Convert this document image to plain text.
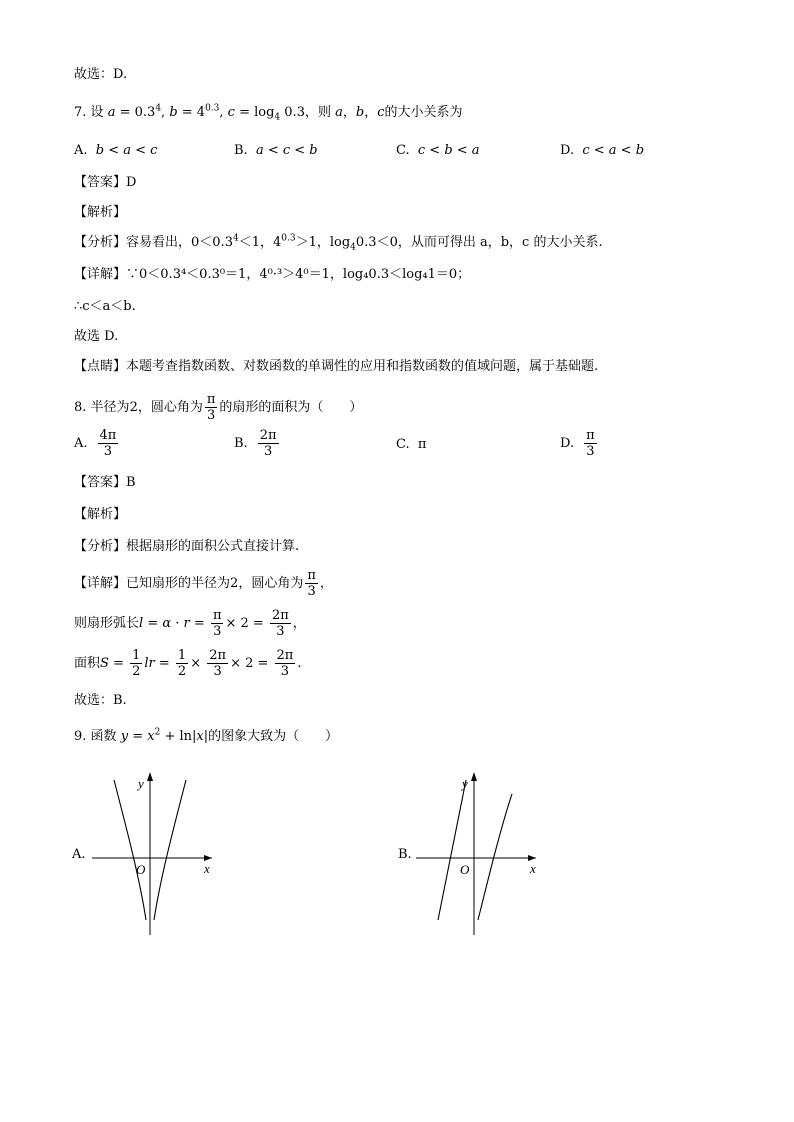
故选：D.
7. 设 $a = 0.3^4$, $b = 4^{0.3}$, $c = \log_4 0.3$，则 a，b，c的大小关系为
A. b < a < c	B. a < c < b	C. c < b < a	D. c < a < b
【答案】D
【解析】
【分析】容易看出，$0<0.3^4<1$，$4^{0.3}>1$，$\log_40.3<0$，从而可得出 a，b，c 的大小关系.
【详解】∵0＜0.3⁴＜0.3⁰＝1，4⁰·³＞4⁰＝1，log₄0.3＜log₄1＝0；
∴c＜a＜b.
故选 D.
【点睛】本题考查指数函数、对数函数的单调性的应用和指数函数的值域问题，属于基础题.
8. 半径为2，圆心角为 $\frac{\pi}{3}$ 的扇形的面积为（　　）
A. $\frac{4\pi}{3}$	B. $\frac{2\pi}{3}$	C. π	D. $\frac{\pi}{3}$
【答案】B
【解析】
【分析】根据扇形的面积公式直接计算.
【详解】已知扇形的半径为2，圆心角为 $\frac{\pi}{3}$ ，
则扇形弧长$l = \alpha \cdot r = \frac{\pi}{3} \times 2 = \frac{2\pi}{3}$ ，
面积$S = \frac{1}{2}$ lr = $\frac{1}{2} \times \frac{2\pi}{3} \times 2 = \frac{2\pi}{3}$ .
故选：B.
9. 函数 $y = x^2 + \ln|x|$的图象大致为（　　）
A.
O	x
y
B.
O	x
y
